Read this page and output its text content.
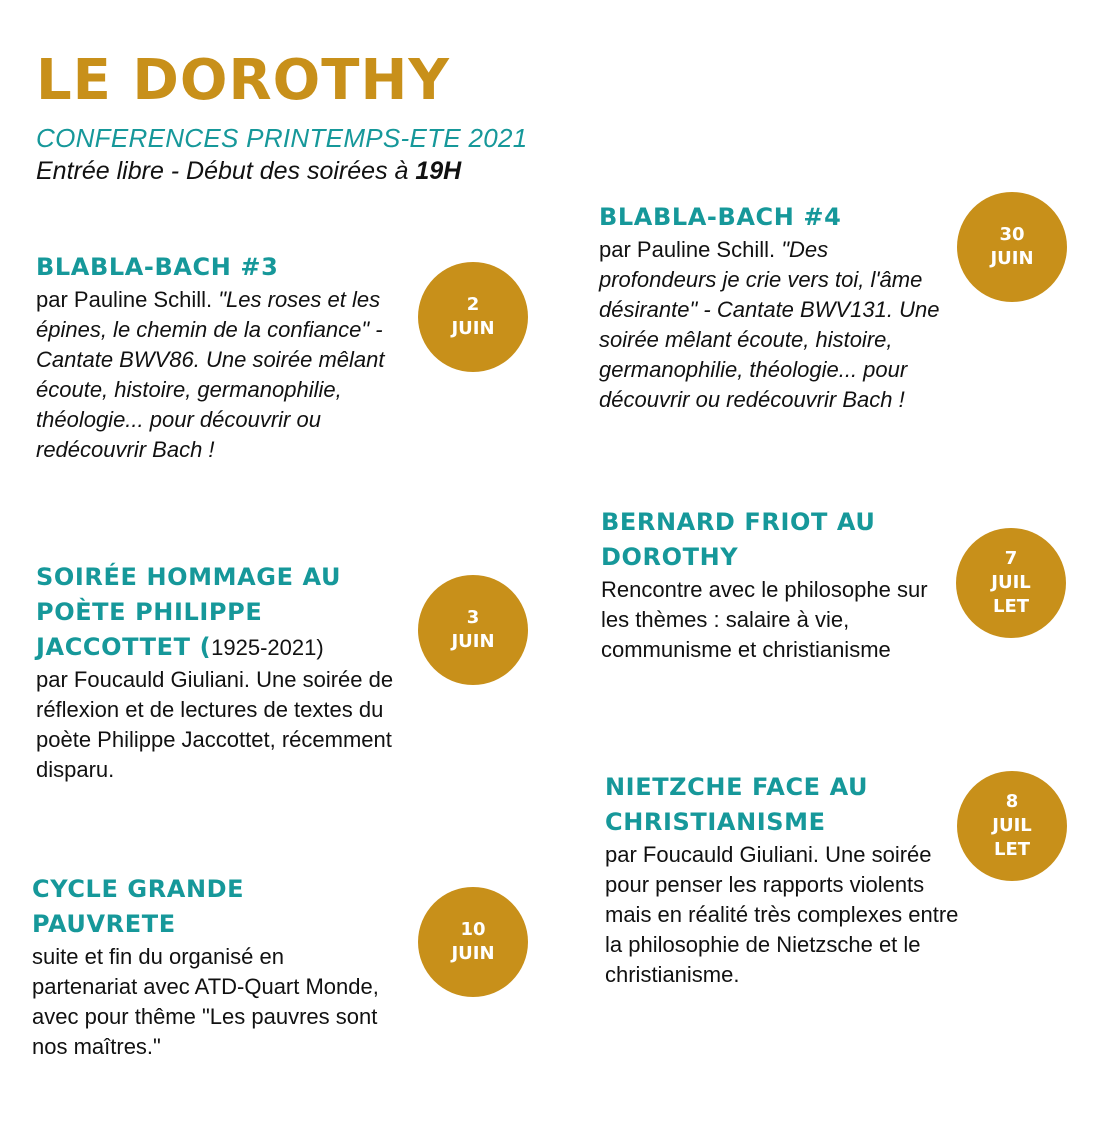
LE DOROTHY
CONFERENCES PRINTEMPS-ETE 2021
Entrée libre - Début des soirées à 19H
BLABLA-BACH #3

par Pauline Schill. "Les roses et les épines, le chemin de la confiance" - Cantate BWV86. Une soirée mêlant écoute, histoire, germanophilie, théologie... pour découvrir ou redécouvrir Bach !

2
JUIN
SOIRÉE HOMMAGE AU POÈTE PHILIPPE JACCOTTET (1925-2021)

par Foucauld Giuliani. Une soirée de réflexion et de lectures de textes du poète Philippe Jaccottet, récemment disparu.

3
JUIN
CYCLE GRANDE PAUVRETE

suite et fin du organisé en partenariat avec ATD-Quart Monde, avec pour thême "Les pauvres sont nos maîtres."

10
JUIN
BLABLA-BACH #4

par Pauline Schill. "Des profondeurs je crie vers toi, l'âme désirante" - Cantate BWV131. Une soirée mêlant écoute, histoire, germanophilie, théologie... pour découvrir ou redécouvrir Bach !

30
JUIN
BERNARD FRIOT AU DOROTHY

Rencontre avec le philosophe sur les thèmes : salaire à vie, communisme et christianisme

7
JUIL
LET
NIETZCHE FACE AU CHRISTIANISME

par Foucauld Giuliani. Une soirée pour penser les rapports violents mais en réalité très complexes entre la philosophie de Nietzsche et le christianisme.

8
JUIL
LET
